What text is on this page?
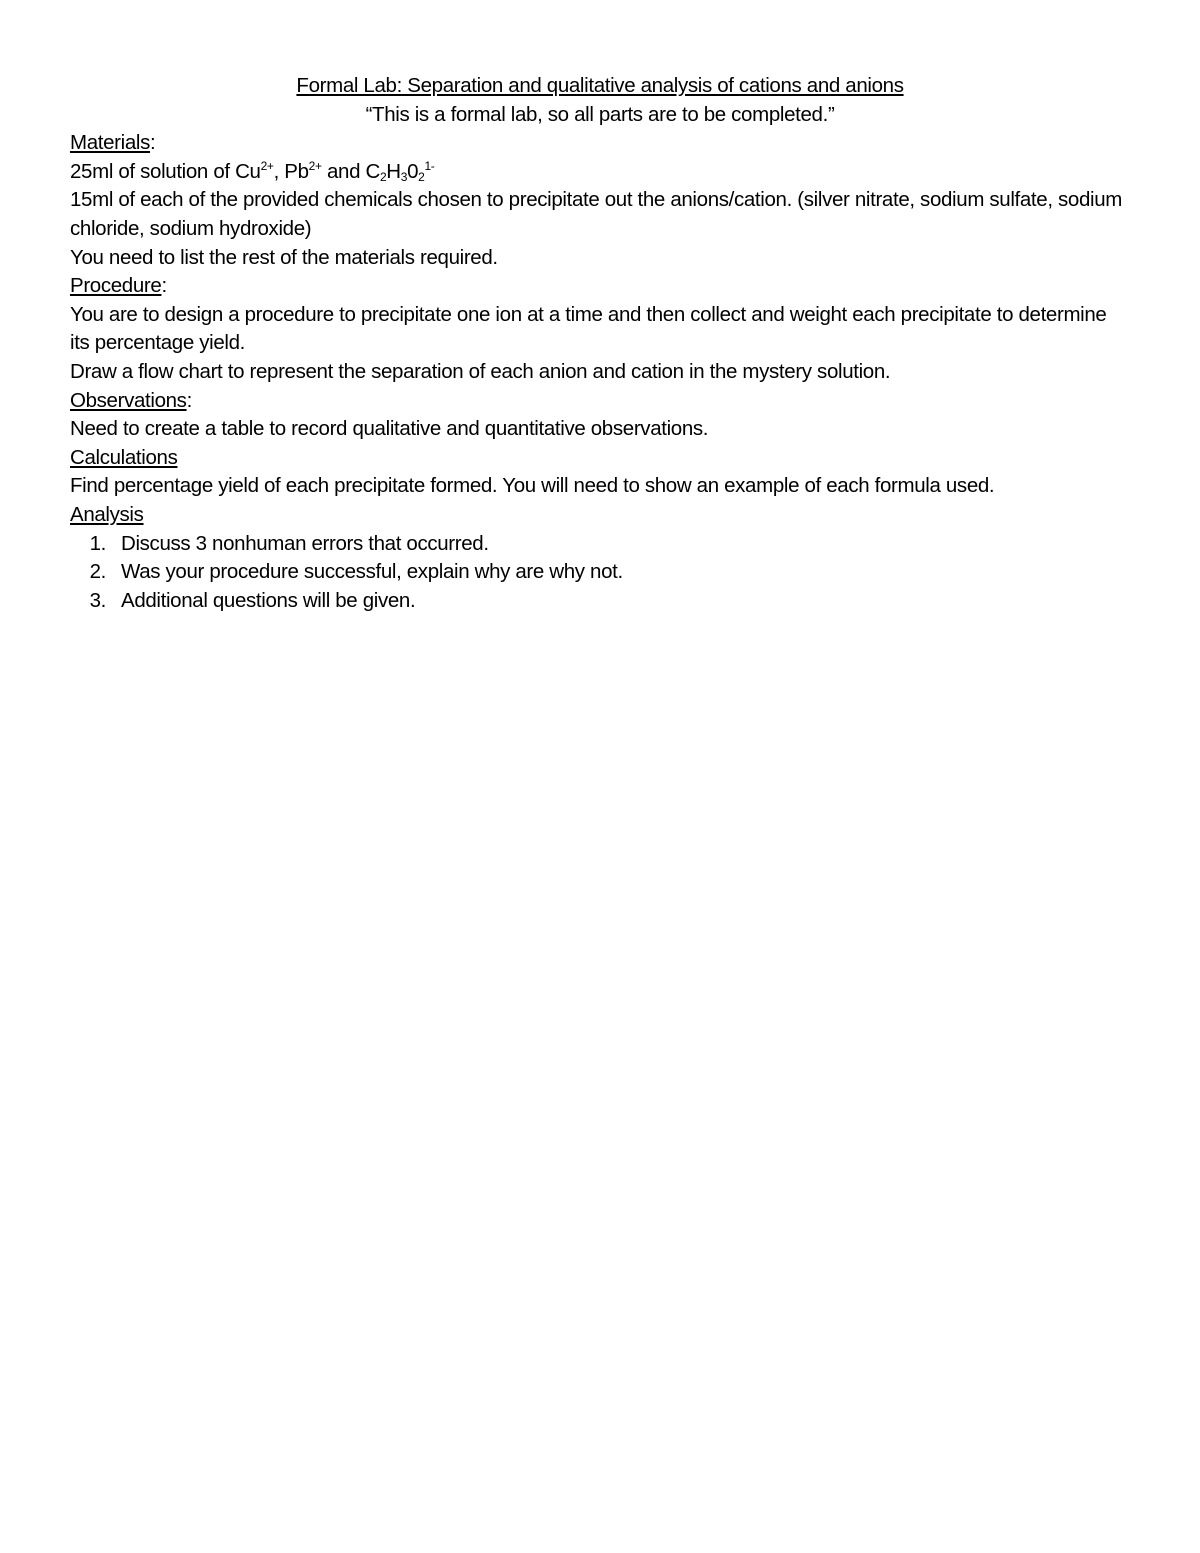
Formal Lab: Separation and qualitative analysis of cations and anions

“This is a formal lab, so all parts are to be completed.”

Materials:

25ml of solution of $Cu^{2+}$, $Pb^{2+}$ and $C_2H_30_2^{1-}$

15ml of each of the provided chemicals chosen to precipitate out the anions/cation. (silver nitrate, sodium sulfate, sodium chloride, sodium hydroxide)

You need to list the rest of the materials required.

Procedure:

You are to design a procedure to precipitate one ion at a time and then collect and weight each precipitate to determine its percentage yield.

Draw a flow chart to represent the separation of each anion and cation in the mystery solution.

Observations:

Need to create a table to record qualitative and quantitative observations.

Calculations

Find percentage yield of each precipitate formed. You will need to show an example of each formula used.

Analysis

1. Discuss 3 nonhuman errors that occurred.
2. Was your procedure successful, explain why are why not.
3. Additional questions will be given.
